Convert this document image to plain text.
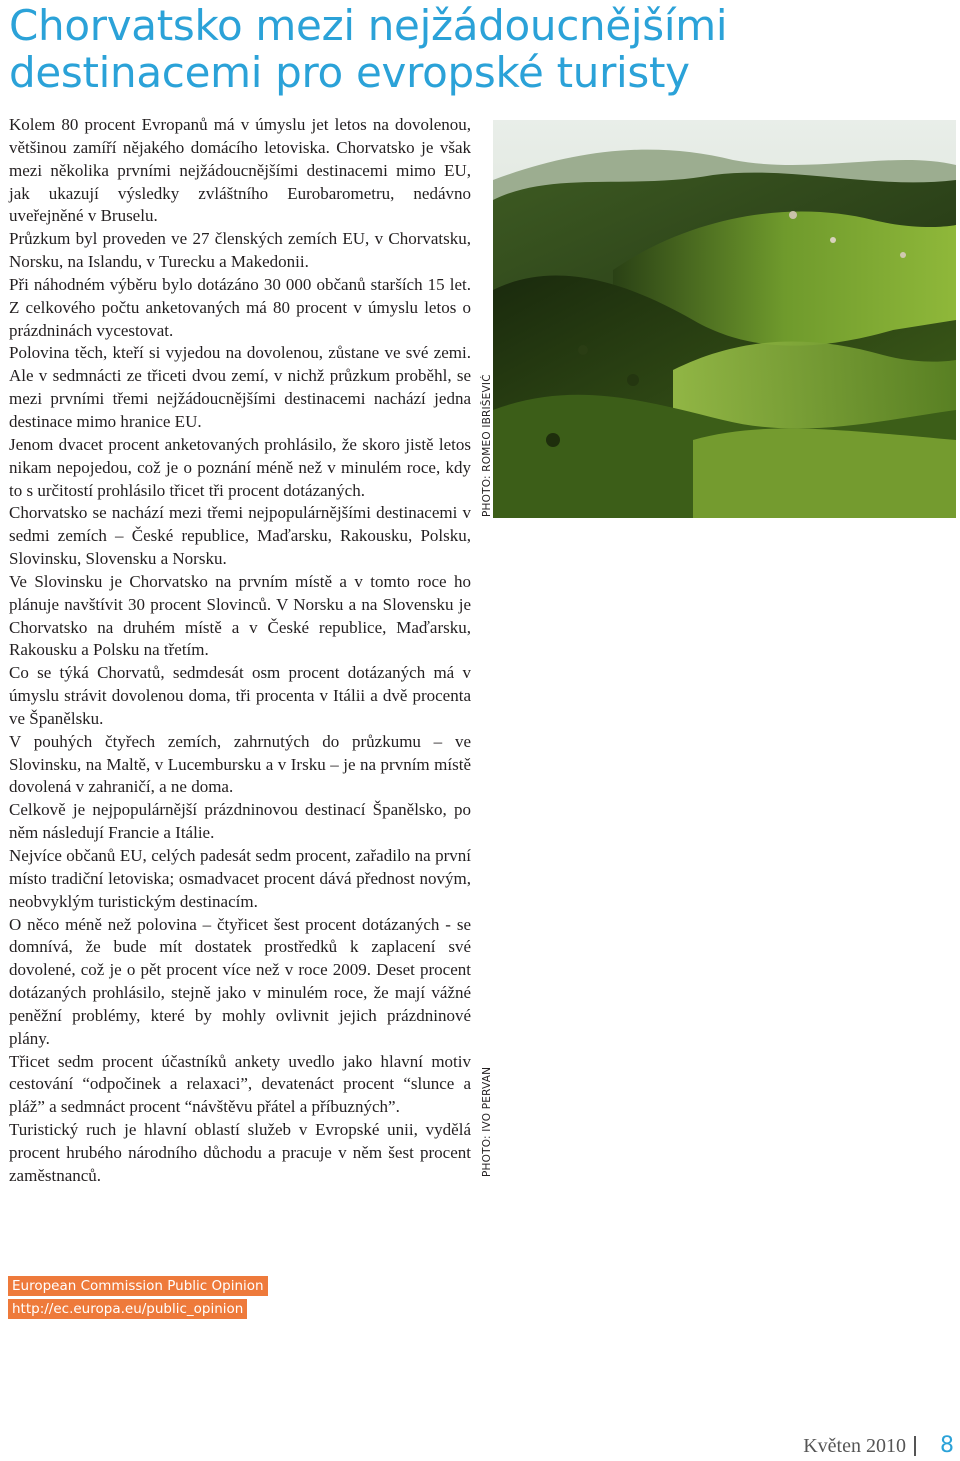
Chorvatsko mezi nejžádoucnějšími destinacemi pro evropské turisty

Kolem 80 procent Evropanů má v úmyslu jet letos na dovolenou, většinou zamíří nějakého domácího letoviska. Chorvatsko je však mezi několika prvními nejžádoucnějšími destinacemi mimo EU, jak ukazují výsledky zvláštního Eurobarometru, nedávno uveřejněné v Bruselu.

Průzkum byl proveden ve 27 členských zemích EU, v Chorvatsku, Norsku, na Islandu, v Turecku a Makedonii.

Při náhodném výběru bylo dotázáno 30 000 občanů starších 15 let. Z celkového počtu anketovaných má 80 procent v úmyslu letos o prázdninách vycestovat.

Polovina těch, kteří si vyjedou na dovolenou, zůstane ve své zemi. Ale v sedmnácti ze třiceti dvou zemí, v nichž průzkum proběhl, se mezi prvními třemi nejžádoucnějšími destinacemi nachází jedna destinace mimo hranice EU.

Jenom dvacet procent anketovaných prohlásilo, že skoro jistě letos nikam nepojedou, což je o poznání méně než v minulém roce, kdy to s určitostí prohlásilo třicet tři procent dotázaných.

Chorvatsko se nachází mezi třemi nejpopulárnějšími destinacemi v sedmi zemích – České republice, Maďarsku, Rakousku, Polsku, Slovinsku, Slovensku a Norsku.

Ve Slovinsku je Chorvatsko na prvním místě a v tomto roce ho plánuje navštívit 30 procent Slovinců. V Norsku a na Slovensku je Chorvatsko na druhém místě a v České republice, Maďarsku, Rakousku a Polsku na třetím.

Co se týká Chorvatů, sedmdesát osm procent dotázaných má v úmyslu strávit dovolenou doma, tři procenta v Itálii a dvě procenta ve Španělsku.

V pouhých čtyřech zemích, zahrnutých do průzkumu – ve Slovinsku, na Maltě, v Lucembursku a v Irsku – je na prvním místě dovolená v zahraničí, a ne doma.

Celkově je nejpopulárnější prázdninovou destinací Španělsko, po něm následují Francie a Itálie.

Nejvíce občanů EU, celých padesát sedm procent, zařadilo na první místo tradiční letoviska; osmadvacet procent dává přednost novým, neobvyklým turistickým destinacím.

O něco méně než polovina – čtyřicet šest procent dotázaných - se domnívá, že bude mít dostatek prostředků k zaplacení své dovolené, což je o pět procent více než v roce 2009. Deset procent dotázaných prohlásilo, stejně jako v minulém roce, že mají vážné peněžní problémy, které by mohly ovlivnit jejich prázdninové plány.

Třicet sedm procent účastníků ankety uvedlo jako hlavní motiv cestování “odpočinek a relaxaci”, devatenáct procent “slunce a pláž” a sedmnáct procent “návštěvu přátel a příbuzných”.

Turistický ruch je hlavní oblastí služeb v Evropské unii, vydělá procent hrubého národního důchodu a pracuje v něm šest procent zaměstnanců.

PHOTO: ROMEO IBRIŠEVIĆ
PHOTO: IVO PERVAN
European Commission Public Opinion
http://ec.europa.eu/public_opinion
Květen 2010 8
